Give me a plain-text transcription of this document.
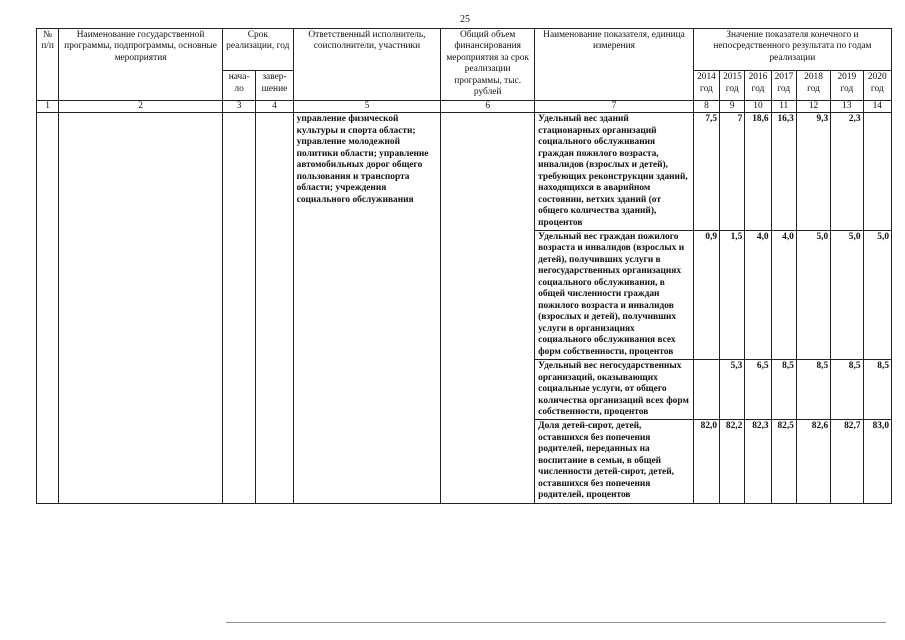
25
№ п/п	Наименование государственной программы, подпрограммы, основные мероприятия	Срок реализации, год		Ответственный исполнитель, соисполнители, участники	Общий объем финансирования мероприятия за срок реализации программы, тыс. рублей	Наименование показателя, единица измерения	Значение показателя конечного и непосредственного результата по годам реализации						
		нача-ло	завер-шение				2014 год	2015 год	2016 год	2017 год	2018 год	2019 год	2020 год
1	2	3	4	5	6	7	8	9	10	11	12	13	14
				управление физической культуры и спорта области; управление молодежной политики области; управление автомобильных дорог общего пользования и транспорта области; учреждения социального обслуживания		Удельный вес зданий стационарных организаций социального обслуживания граждан пожилого возраста, инвалидов (взрослых и детей), требующих реконструкции зданий, находящихся в аварийном состоянии, ветхих зданий (от общего количества зданий), процентов	7,5	7	18,6	16,3	9,3	2,3	
						Удельный вес граждан пожилого возраста и инвалидов (взрослых и детей), получивших услуги в негосударственных организациях социального обслуживания, в общей численности граждан пожилого возраста и инвалидов (взрослых и детей), получивших услуги в организациях социального обслуживания всех форм собственности, процентов	0,9	1,5	4,0	4,0	5,0	5,0	5,0
						Удельный вес негосударственных организаций, оказывающих социальные услуги, от общего количества организаций всех форм собственности, процентов		5,3	6,5	8,5	8,5	8,5	8,5
						Доля детей-сирот, детей, оставшихся без попечения родителей, переданных на воспитание в семьи, в общей численности детей-сирот, детей, оставшихся без попечения родителей, процентов	82,0	82,2	82,3	82,5	82,6	82,7	83,0
